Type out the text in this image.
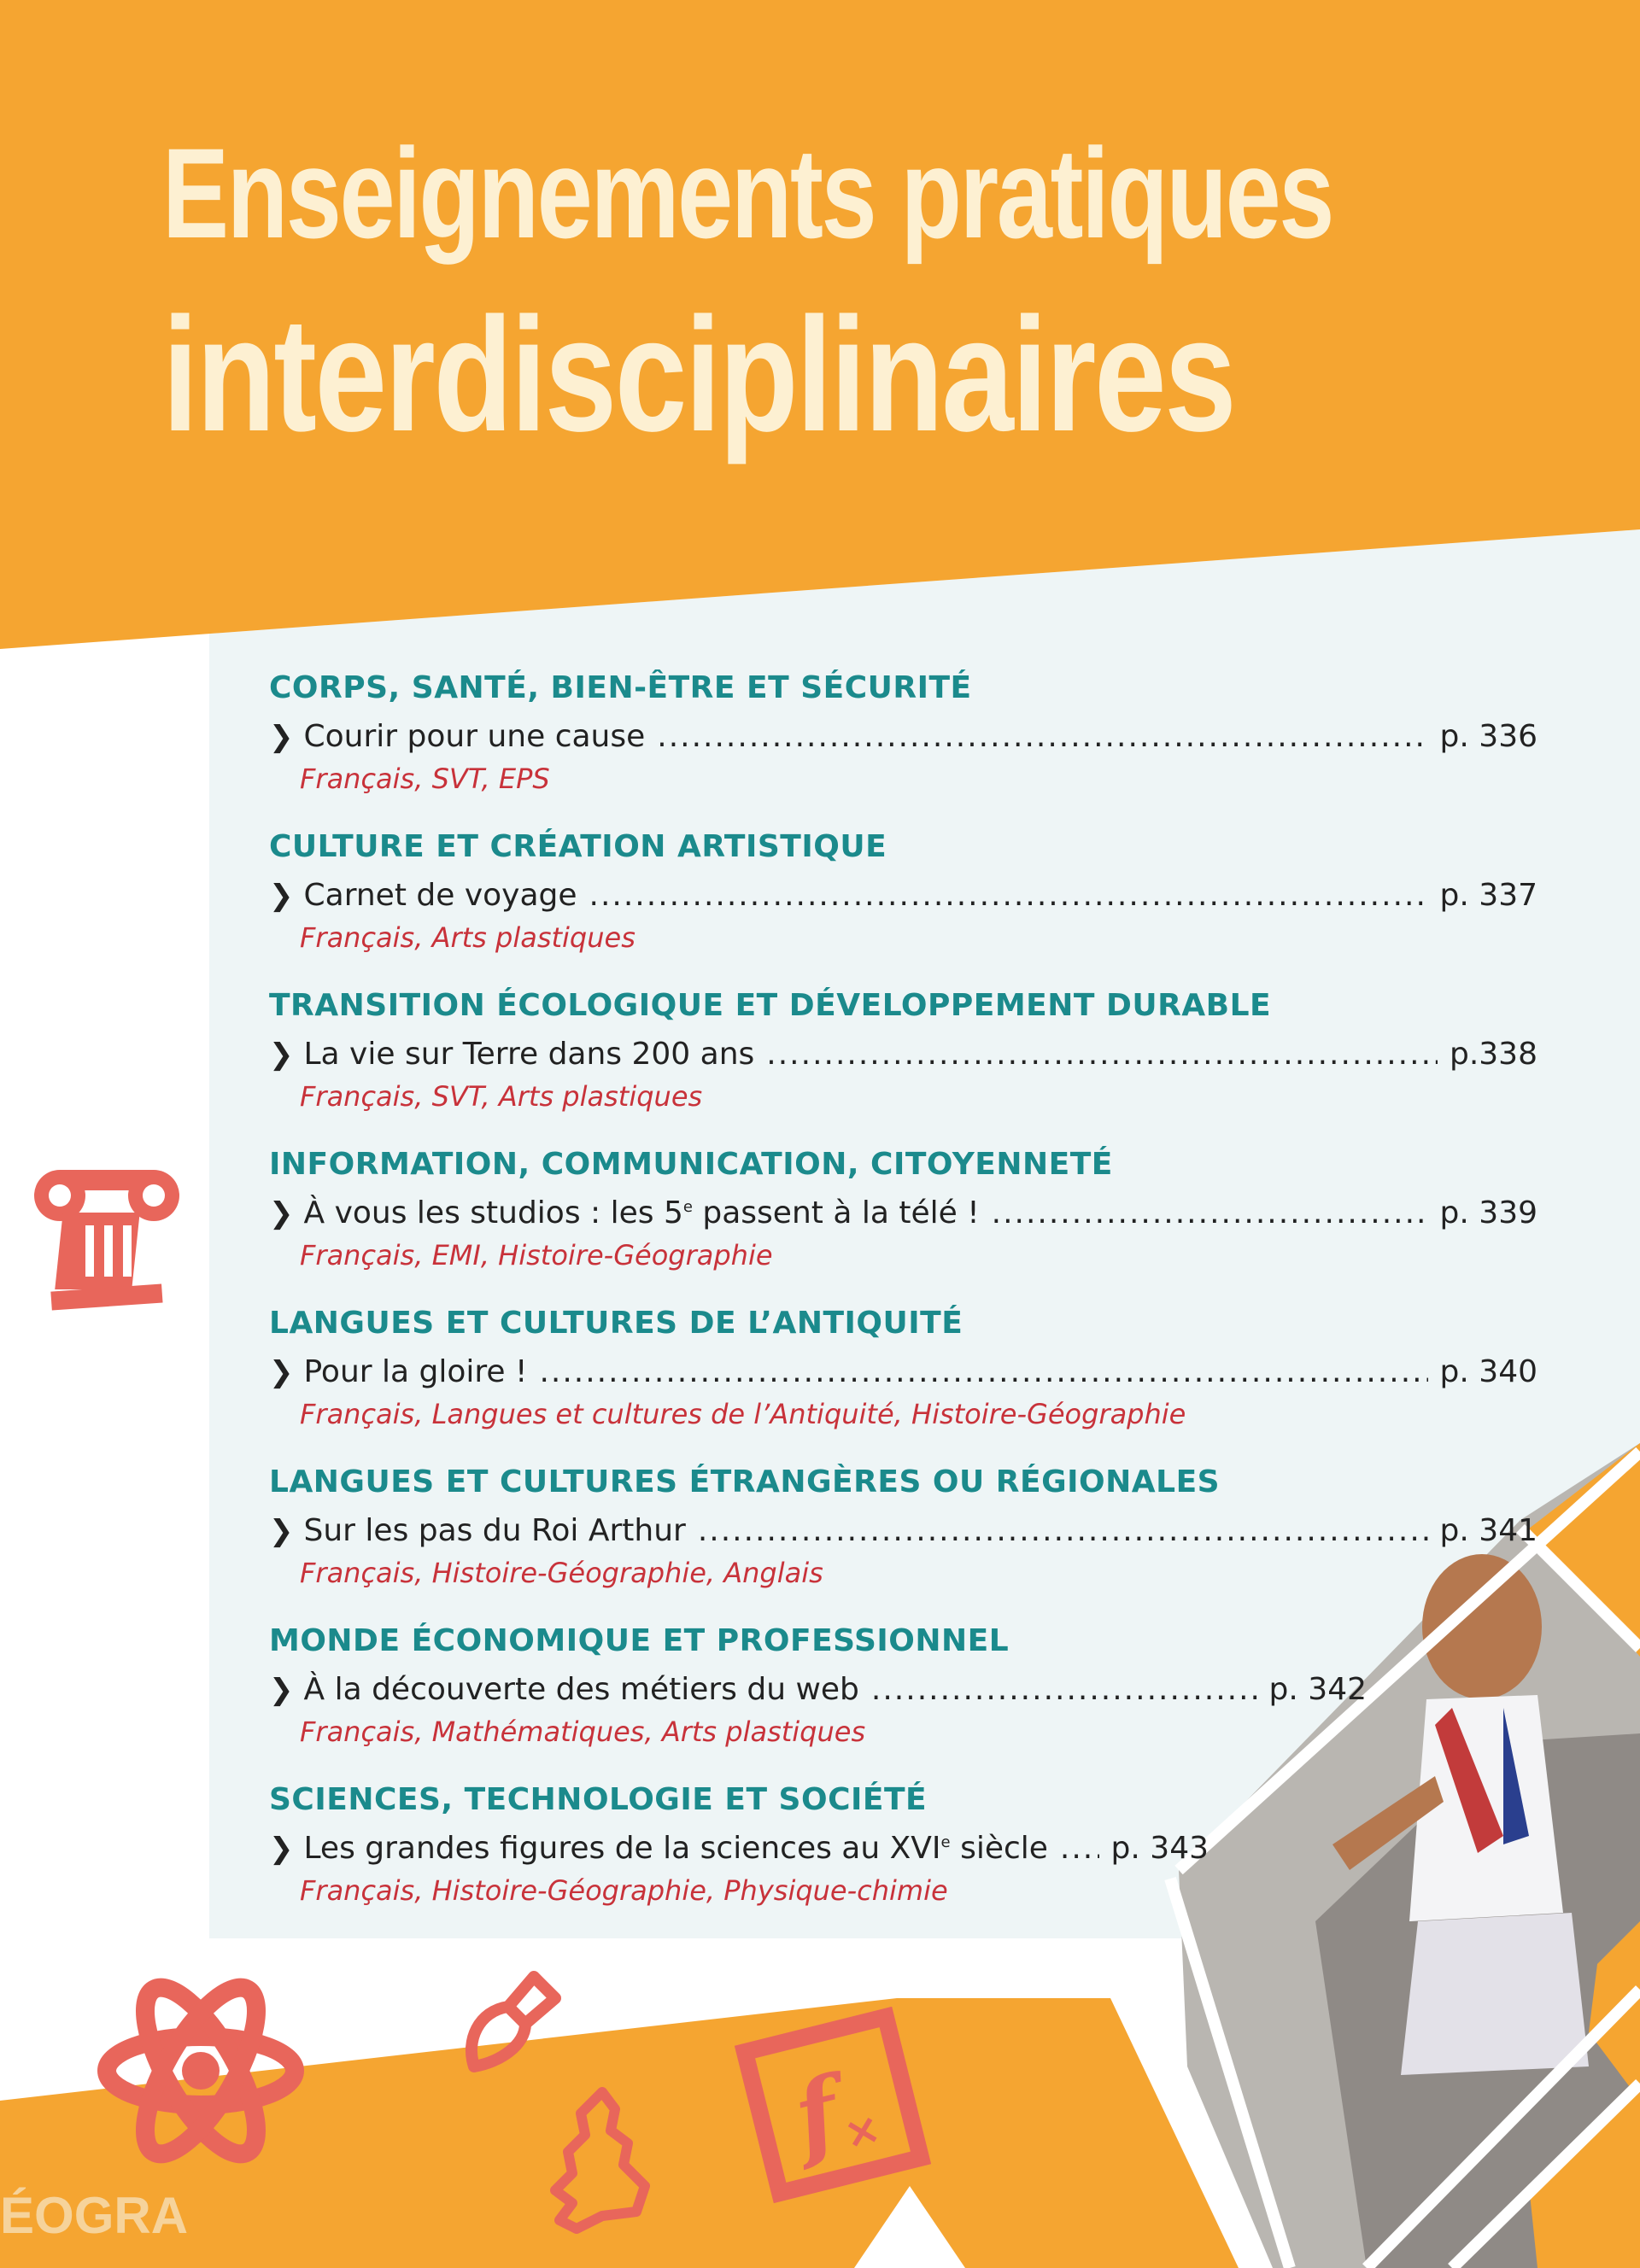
Enseignements pratiques
interdisciplinaires
CORPS, SANTÉ, BIEN-ÊTRE ET SÉCURITÉ
❯ Courir pour une cause .....	p. 336
Français, SVT, EPS
CULTURE ET CRÉATION ARTISTIQUE
❯ Carnet de voyage .....	p. 337
Français, Arts plastiques
TRANSITION ÉCOLOGIQUE ET DÉVELOPPEMENT DURABLE
❯ La vie sur Terre dans 200 ans .....	p.338
Français, SVT, Arts plastiques
INFORMATION, COMMUNICATION, CITOYENNETÉ
❯ À vous les studios : les 5e passent à la télé ! .....	p. 339
Français, EMI, Histoire-Géographie
LANGUES ET CULTURES DE L’ANTIQUITÉ
❯ Pour la gloire ! .....	p. 340
Français, Langues et cultures de l’Antiquité, Histoire-Géographie
LANGUES ET CULTURES ÉTRANGÈRES OU RÉGIONALES
❯ Sur les pas du Roi Arthur .....	p. 341
Français, Histoire-Géographie, Anglais
MONDE ÉCONOMIQUE ET PROFESSIONNEL
❯ À la découverte des métiers du web .....	p. 342
Français, Mathématiques, Arts plastiques
SCIENCES, TECHNOLOGIE ET SOCIÉTÉ
❯ Les grandes figures de la sciences au XVIe siècle ..... p. 343
Français, Histoire-Géographie, Physique-chimie
f
×
ÉOGRA
